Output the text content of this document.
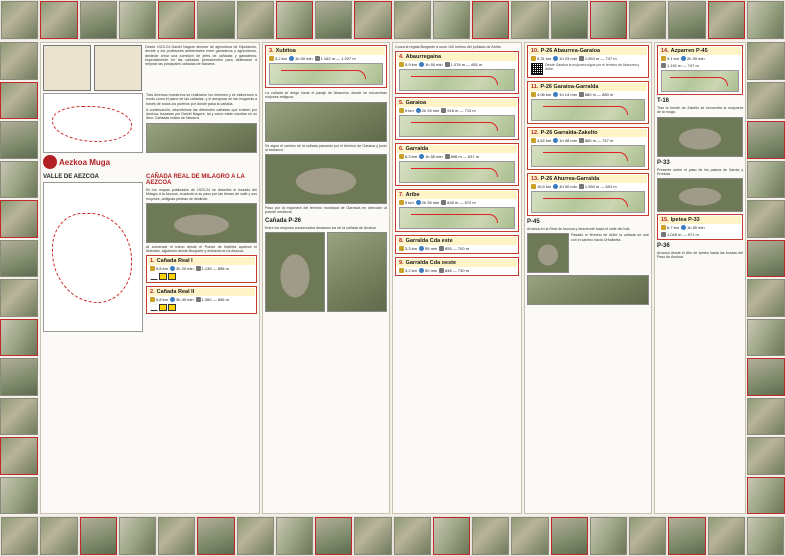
Desde 1923-24 Daniel Nagore director de agricultura de Diputación, decide a los profesores ambientales entre ganaderos y agricultores, deslinde crear una comisión de jefes de cañadas y ganaderos, especialmente en las cañadas permanentes para destinarse a mejorar las principales cañadas de Navarra.

Aezkoa Muga

Tras diversos muestreos se realizaron los informes y se elaboraron a modo como el plano de las cañadas, y el amojonar en las mugarras a través de todos los pueblos por donde pasa la cañada.

A continuación, describimos las diferentes cañadas que existen por Aezkoa, trazadas por Daniel Nagore, tal y como están escritas en su libro: Cañadas reales de Navarra.

VALLE DE AEZCOA	CAÑADA REAL DE MILAGRO A LA AEZCOA

En los mapas publicados de 1923-24 se describe el trazado del Milagro a la Aezcoa, cruzando a su paso por las tierras de valle y sus mojones, antiguas piedras de deslinde.

Al comenzar el tramo desde el Puerto de Ibañeta aparece el itinerario, siguiendo desde Burguete y entrando en la Aezcoa.

1. Cañada Real I
9,8 km 3h 20 min 1.139 — 898 m
2. Cañada Real II
9,8 km 3h 40 min 1.360 — 836 m
3. Xubitoa
3,2 km 1h 00 min 1.162 m — 1.027 m

La cañada se dirige hacia el paraje de Abaurrea, donde se encuentran mojones antiguos.

Se sigue el camino de la cañada pasando por el término de Garaioa y junto al barranco.

Paso por la mojonera del término municipal de Garralda en dirección al puente medieval.

Cañada P-26

Entre los mojones conservados destacan los de la cañada de Aezkoa.

Cruza la regata Burguete a unos 100 metros del poblado de Arribe.

4. Abaurregaina
5,9 km 1h 50 min 1.078 m — 851 m
5. Garaioa
9 km 2h 25 min 918 m — 713 m
6. Garralda
6,3 km 1h 50 min 898 m — 637 m
7. Aribe
9 km 2h 35 min 840 m — 672 m
8. Garralda Cda este
3,3 km 55 min 855 — 700 m
9. Garralda Cda oeste
3,2 km 50 min 848 — 730 m
10. P-26 Abaurrea-Garaioa
5,31 km 1h 23 min 1.053 m — 747 m
Desde Garaioa la mojonera sigue por el término de Abaurrea y Aribe.
11. P-26 Garaioa-Garralda
4,06 km 1h 14 min 880 m — 880 m
12. P-26 Garralda-Zakelto
4,62 km 1h 08 min 860 m — 747 m
13. P-26 Ahurrea-Garralda
16,5 km 4h 50 min 1.050 m — 691 m
P-45

Arranca en la Real de Aezcoa y desciende hacia el valle del Irati.

Pasado el término de Aribe la cañada se une con el camino hacia Orbaitzeta.

14. Azparren P-45
9,1 km 2h 30 min
1.191 m — 747 m
T-16

Tras la fuente de Zakelto se encuentra la mojonera de la muga.

P-33

Presente sobre el paso de los pastos de Saroia y Errekaiz.

15. Ipetea P-33
6,7 km 1h 55 min
1.045 m — 971 m
P-36

Arranca desde el Alto de Ipetea hasta las bordas del Paso de Aezkoa.
